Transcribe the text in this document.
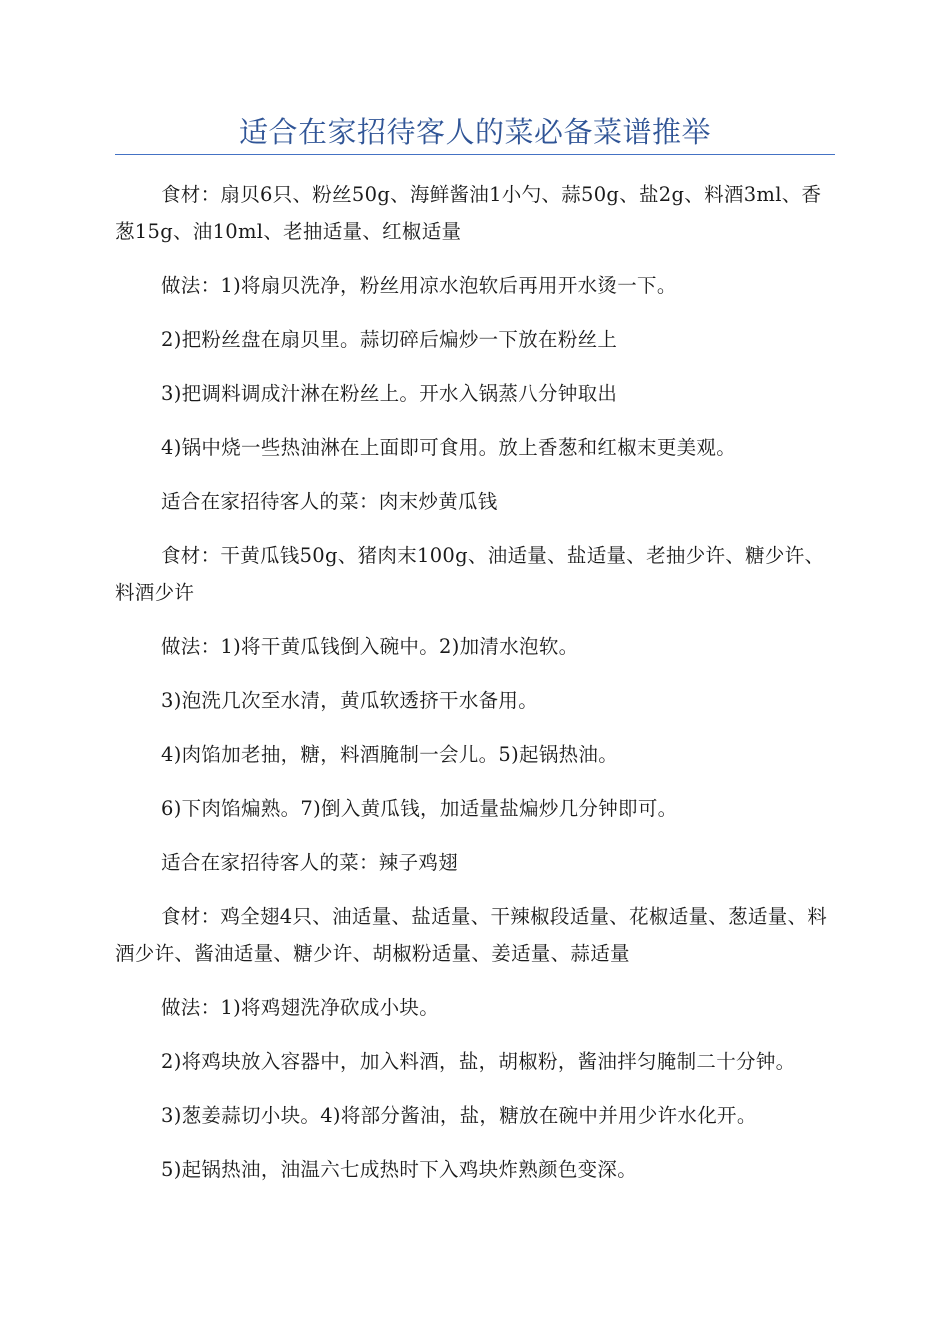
适合在家招待客人的菜必备菜谱推举

食材：扇贝6只、粉丝50g、海鲜酱油1小勺、蒜50g、盐2g、料酒3ml、香葱15g、油10ml、老抽适量、红椒适量

做法：1)将扇贝洗净，粉丝用凉水泡软后再用开水烫一下。

2)把粉丝盘在扇贝里。蒜切碎后煸炒一下放在粉丝上

3)把调料调成汁淋在粉丝上。开水入锅蒸八分钟取出

4)锅中烧一些热油淋在上面即可食用。放上香葱和红椒末更美观。

适合在家招待客人的菜：肉末炒黄瓜钱

食材：干黄瓜钱50g、猪肉末100g、油适量、盐适量、老抽少许、糖少许、料酒少许

做法：1)将干黄瓜钱倒入碗中。2)加清水泡软。

3)泡洗几次至水清，黄瓜软透挤干水备用。

4)肉馅加老抽，糖，料酒腌制一会儿。5)起锅热油。

6)下肉馅煸熟。7)倒入黄瓜钱，加适量盐煸炒几分钟即可。

适合在家招待客人的菜：辣子鸡翅

食材：鸡全翅4只、油适量、盐适量、干辣椒段适量、花椒适量、葱适量、料酒少许、酱油适量、糖少许、胡椒粉适量、姜适量、蒜适量

做法：1)将鸡翅洗净砍成小块。

2)将鸡块放入容器中，加入料酒，盐，胡椒粉，酱油拌匀腌制二十分钟。

3)葱姜蒜切小块。4)将部分酱油，盐，糖放在碗中并用少许水化开。

5)起锅热油，油温六七成热时下入鸡块炸熟颜色变深。
